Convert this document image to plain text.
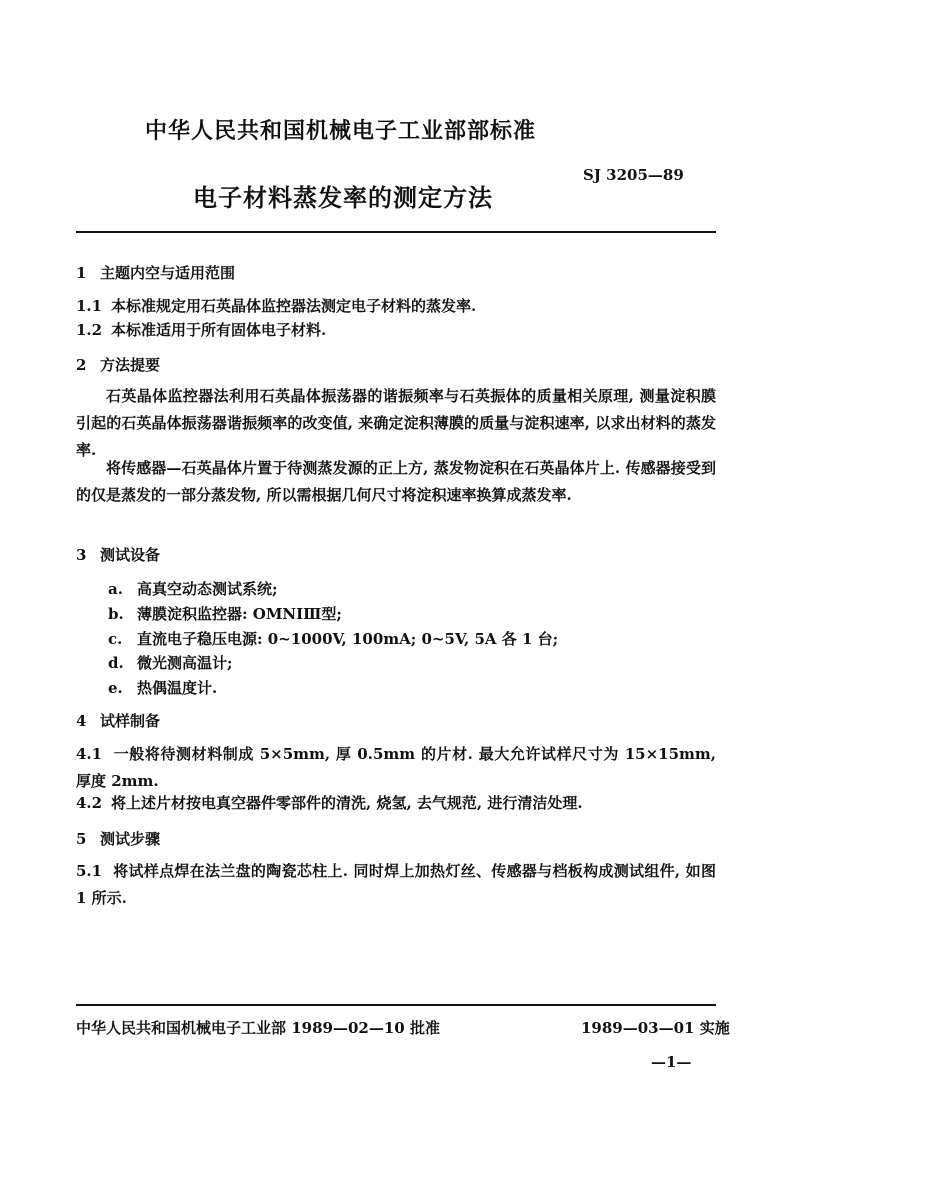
中华人民共和国机械电子工业部部标准
SJ 3205—89
电子材料蒸发率的测定方法
1 主题内空与适用范围
1.1 本标准规定用石英晶体监控器法测定电子材料的蒸发率.
1.2 本标准适用于所有固体电子材料.
2 方法提要
石英晶体监控器法利用石英晶体振荡器的谐振频率与石英振体的质量相关原理, 测量淀积膜引起的石英晶体振荡器谐振频率的改变值, 来确定淀积薄膜的质量与淀积速率, 以求出材料的蒸发率.
将传感器—石英晶体片置于待测蒸发源的正上方, 蒸发物淀积在石英晶体片上. 传感器接受到的仅是蒸发的一部分蒸发物, 所以需根据几何尺寸将淀积速率换算成蒸发率.
3 测试设备
a. 高真空动态测试系统;
b. 薄膜淀积监控器: OMNIⅢ型;
c. 直流电子稳压电源: 0~1000V, 100mA; 0~5V, 5A 各 1 台;
d. 微光测高温计;
e. 热偶温度计.
4 试样制备
4.1 一般将待测材料制成 5×5mm, 厚 0.5mm 的片材. 最大允许试样尺寸为 15×15mm, 厚度 2mm.
4.2 将上述片材按电真空器件零部件的清洗, 烧氢, 去气规范, 进行清洁处理.
5 测试步骤
5.1 将试样点焊在法兰盘的陶瓷芯柱上. 同时焊上加热灯丝、传感器与档板构成测试组件, 如图 1 所示.
中华人民共和国机械电子工业部 1989—02—10 批准	1989—03—01 实施
—1—
